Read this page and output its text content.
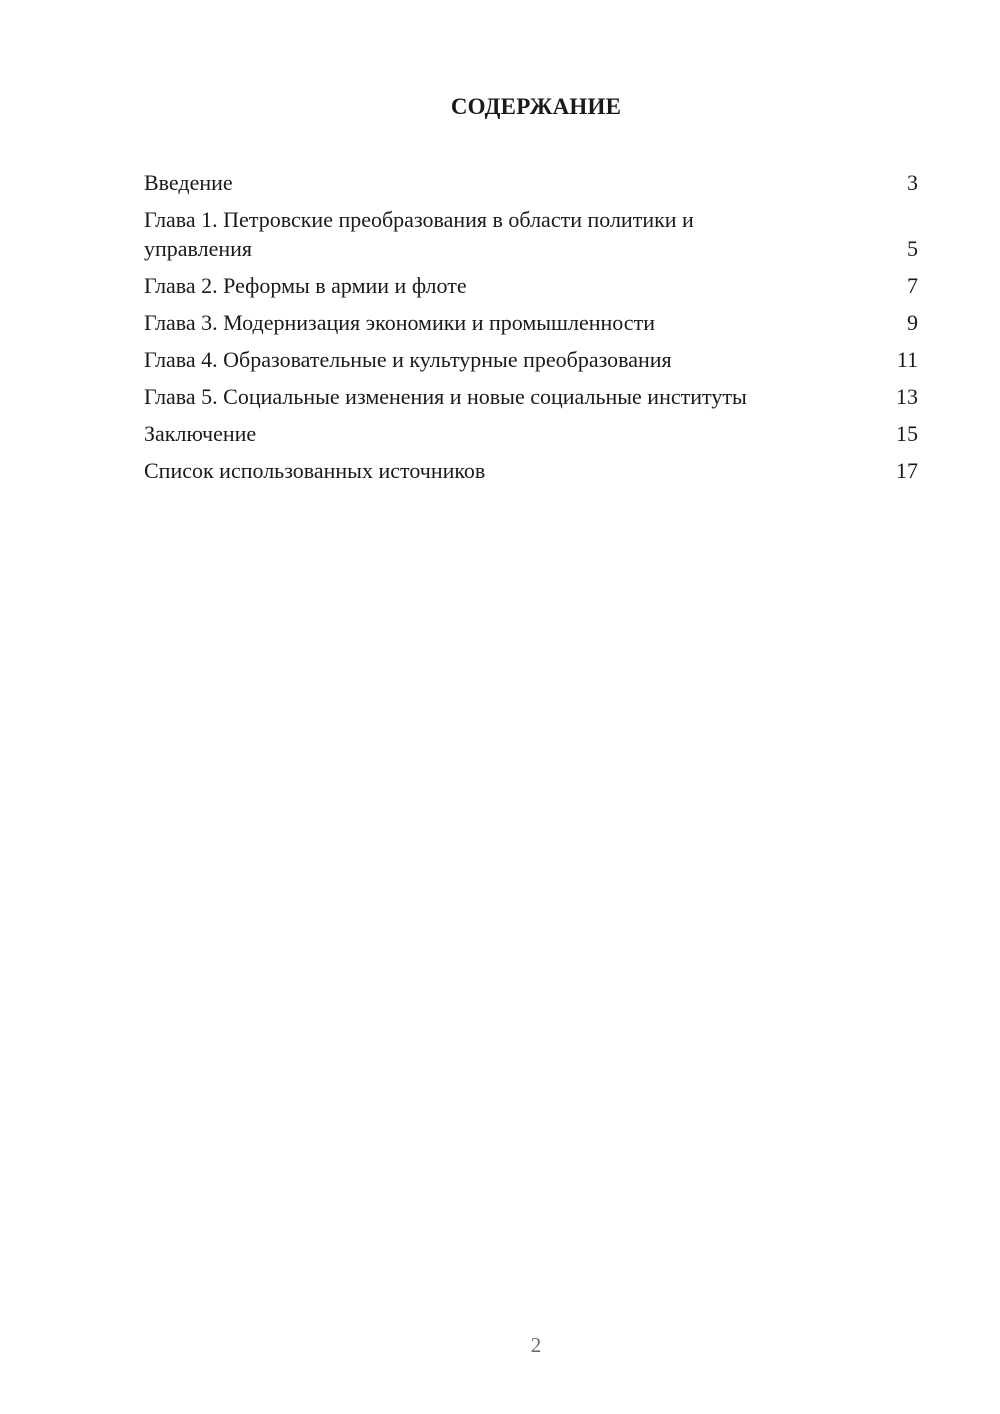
СОДЕРЖАНИЕ
Введение	3
Глава 1. Петровские преобразования в области политики и управления	5
Глава 2. Реформы в армии и флоте	7
Глава 3. Модернизация экономики и промышленности	9
Глава 4. Образовательные и культурные преобразования	11
Глава 5. Социальные изменения и новые социальные институты	13
Заключение	15
Список использованных источников	17
2
